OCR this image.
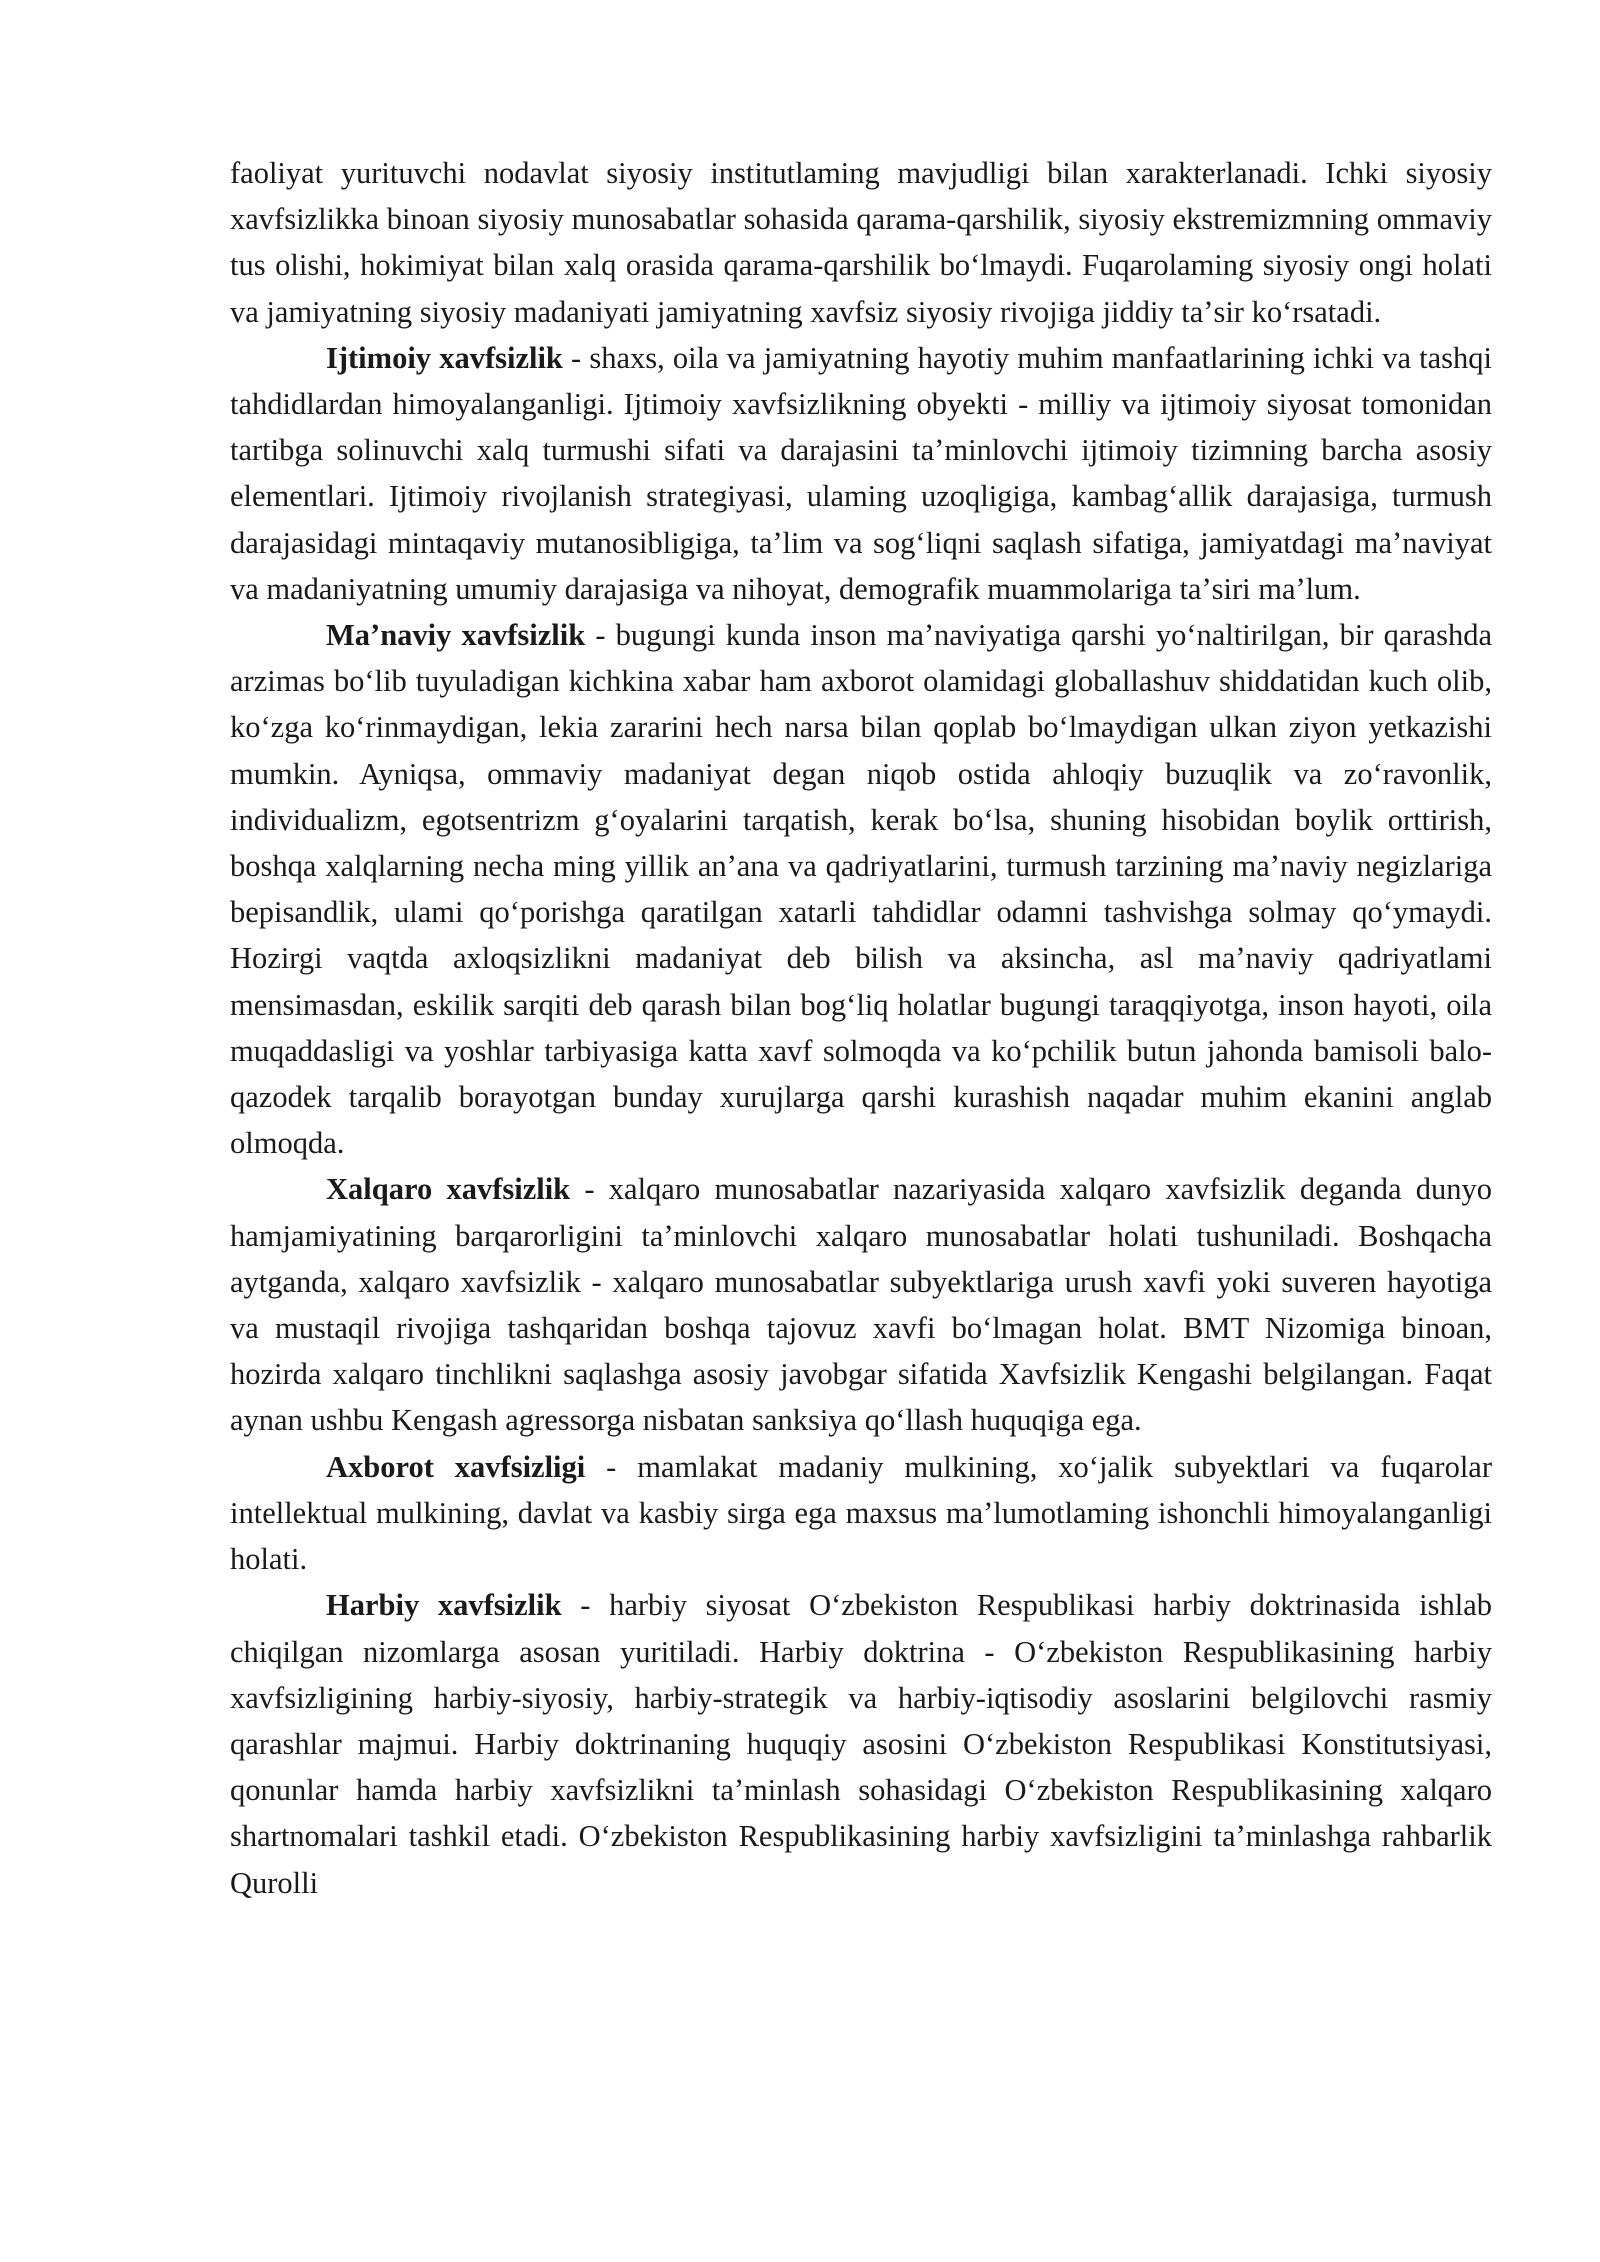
faoliyat yurituvchi nodavlat siyosiy institutlaming mavjudligi bilan xarakterlanadi. Ichki siyosiy xavfsizlikka binoan siyosiy munosabatlar sohasida qarama-qarshilik, siyosiy ekstremizmning ommaviy tus olishi, hokimiyat bilan xalq orasida qarama-qarshilik boʻlmaydi. Fuqarolaming siyosiy ongi holati va jamiyatning siyosiy madaniyati jamiyatning xavfsiz siyosiy rivojiga jiddiy taʼsir koʻrsatadi.

Ijtimoiy xavfsizlik - shaxs, oila va jamiyatning hayotiy muhim manfaatlarining ichki va tashqi tahdidlardan himoyalanganligi. Ijtimoiy xavfsizlikning obyekti - milliy va ijtimoiy siyosat tomonidan tartibga solinuvchi xalq turmushi sifati va darajasini taʼminlovchi ijtimoiy tizimning barcha asosiy elementlari. Ijtimoiy rivojlanish strategiyasi, ulaming uzoqligiga, kambagʻallik darajasiga, turmush darajasidagi mintaqaviy mutanosibligiga, taʼlim va sogʻliqni saqlash sifatiga, jamiyatdagi maʼnaviyat va madaniyatning umumiy darajasiga va nihoyat, demografik muammolariga taʼsiri maʼlum.

Maʼnaviy xavfsizlik - bugungi kunda inson maʼnaviyatiga qarshi yoʻnaltirilgan, bir qarashda arzimas boʻlib tuyuladigan kichkina xabar ham axborot olamidagi globallashuv shiddatidan kuch olib, koʻzga koʻrinmaydigan, lekia zararini hech narsa bilan qoplab boʻlmaydigan ulkan ziyon yetkazishi mumkin. Ayniqsa, ommaviy madaniyat degan niqob ostida ahloqiy buzuqlik va zoʻravonlik, individualizm, egotsentrizm gʻoyalarini tarqatish, kerak boʻlsa, shuning hisobidan boylik orttirish, boshqa xalqlarning necha ming yillik anʼana va qadriyatlarini, turmush tarzining maʼnaviy negizlariga bepisandlik, ulami qoʻporishga qaratilgan xatarli tahdidlar odamni tashvishga solmay qoʻymaydi. Hozirgi vaqtda axloqsizlikni madaniyat deb bilish va aksincha, asl maʼnaviy qadriyatlami mensimasdan, eskilik sarqiti deb qarash bilan bogʻliq holatlar bugungi taraqqiyotga, inson hayoti, oila muqaddasligi va yoshlar tarbiyasiga katta xavf solmoqda va koʻpchilik butun jahonda bamisoli balo-qazodek tarqalib borayotgan bunday xurujlarga qarshi kurashish naqadar muhim ekanini anglab olmoqda.

Xalqaro xavfsizlik - xalqaro munosabatlar nazariyasida xalqaro xavfsizlik deganda dunyo hamjamiyatining barqarorligini taʼminlovchi xalqaro munosabatlar holati tushuniladi. Boshqacha aytganda, xalqaro xavfsizlik - xalqaro munosabatlar subyektlariga urush xavfi yoki suveren hayotiga va mustaqil rivojiga tashqaridan boshqa tajovuz xavfi boʻlmagan holat. BMT Nizomiga binoan, hozirda xalqaro tinchlikni saqlashga asosiy javobgar sifatida Xavfsizlik Kengashi belgilangan. Faqat aynan ushbu Kengash agressorga nisbatan sanksiya qoʻllash huquqiga ega.

Axborot xavfsizligi - mamlakat madaniy mulkining, xoʻjalik subyektlari va fuqarolar intellektual mulkining, davlat va kasbiy sirga ega maxsus maʼlumotlaming ishonchli himoyalanganligi holati.

Harbiy xavfsizlik - harbiy siyosat Oʻzbekiston Respublikasi harbiy doktrinasida ishlab chiqilgan nizomlarga asosan yuritiladi. Harbiy doktrina - Oʻzbekiston Respublikasining harbiy xavfsizligining harbiy-siyosiy, harbiy-strategik va harbiy-iqtisodiy asoslarini belgilovchi rasmiy qarashlar majmui. Harbiy doktrinaning huquqiy asosini Oʻzbekiston Respublikasi Konstitutsiyasi, qonunlar hamda harbiy xavfsizlikni taʼminlash sohasidagi Oʻzbekiston Respublikasining xalqaro shartnomalari tashkil etadi. Oʻzbekiston Respublikasining harbiy xavfsizligini taʼminlashga rahbarlik Qurolli
